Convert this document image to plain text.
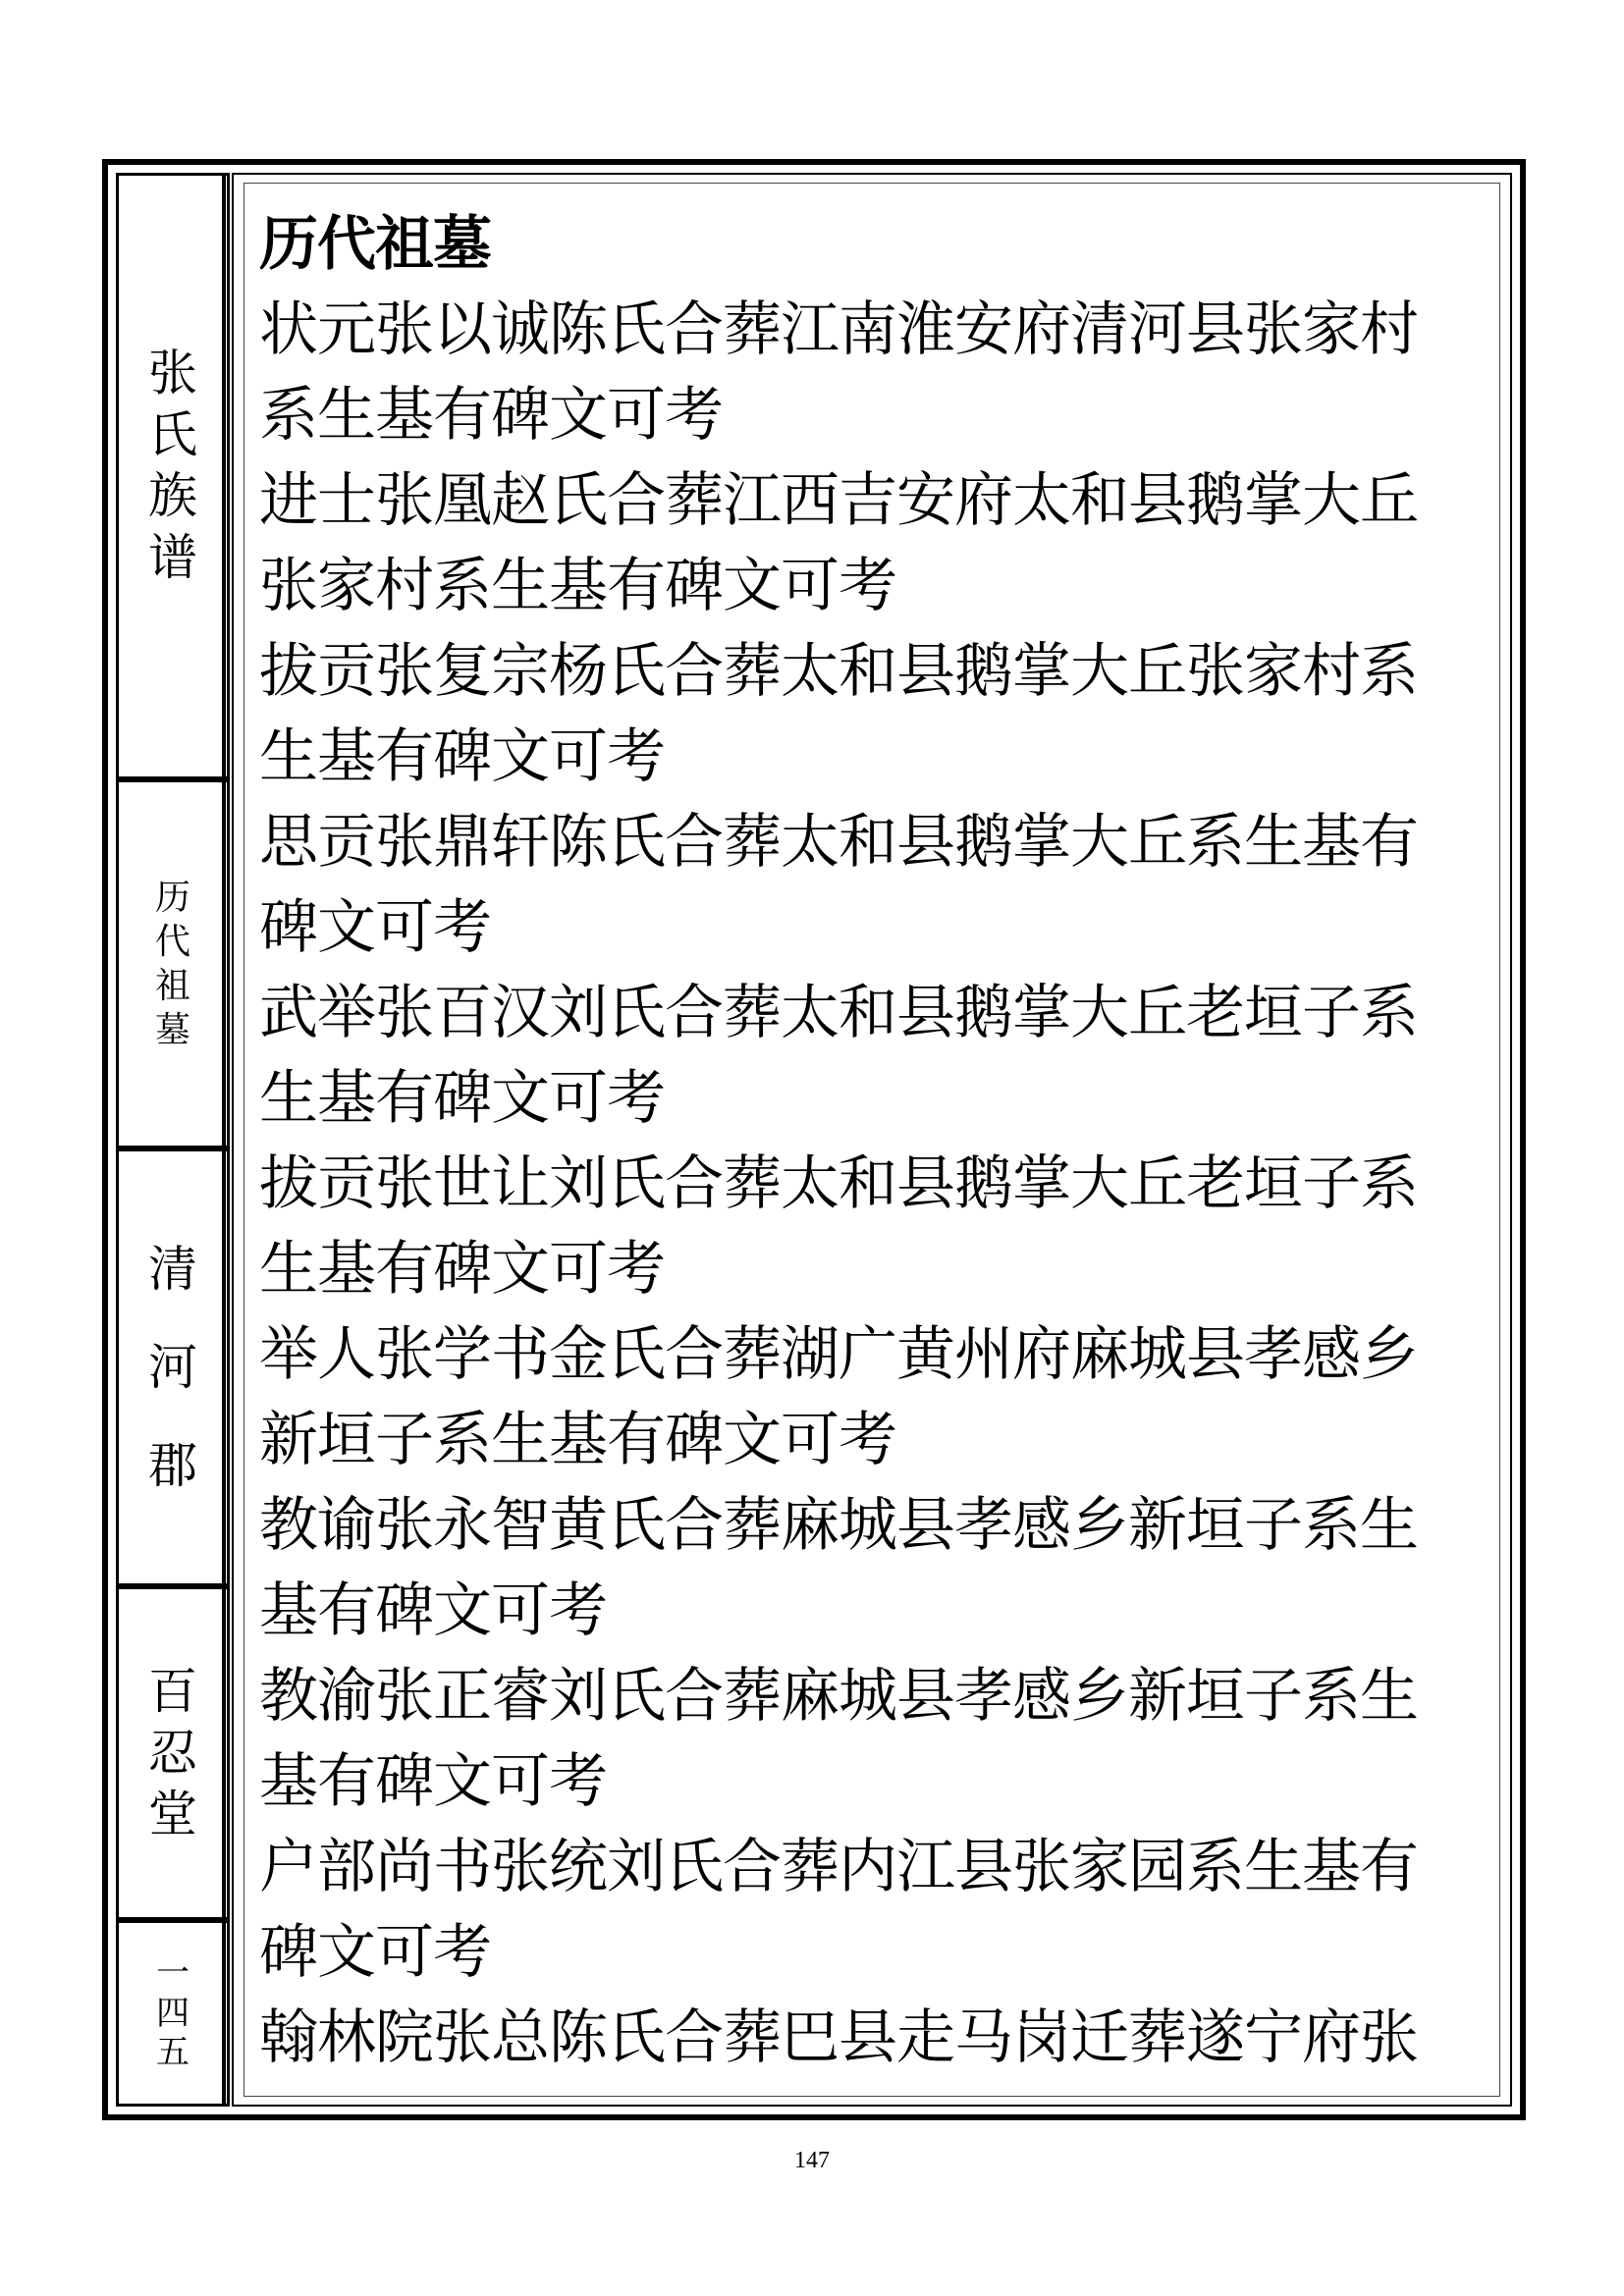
张
氏
族
谱
历
代
祖
墓
清
河
郡
百
忍
堂
一
四
五

历代祖墓

状元张以诚陈氏合葬江南淮安府清河县张家村

系生基有碑文可考

进士张凰赵氏合葬江西吉安府太和县鹅掌大丘

张家村系生基有碑文可考

拔贡张复宗杨氏合葬太和县鹅掌大丘张家村系

生基有碑文可考

思贡张鼎轩陈氏合葬太和县鹅掌大丘系生基有

碑文可考

武举张百汉刘氏合葬太和县鹅掌大丘老垣子系

生基有碑文可考

拔贡张世让刘氏合葬太和县鹅掌大丘老垣子系

生基有碑文可考

举人张学书金氏合葬湖广黄州府麻城县孝感乡

新垣子系生基有碑文可考

教谕张永智黄氏合葬麻城县孝感乡新垣子系生

基有碑文可考

教渝张正睿刘氏合葬麻城县孝感乡新垣子系生

基有碑文可考

户部尚书张统刘氏合葬内江县张家园系生基有

碑文可考

翰林院张总陈氏合葬巴县走马岗迁葬遂宁府张

147
